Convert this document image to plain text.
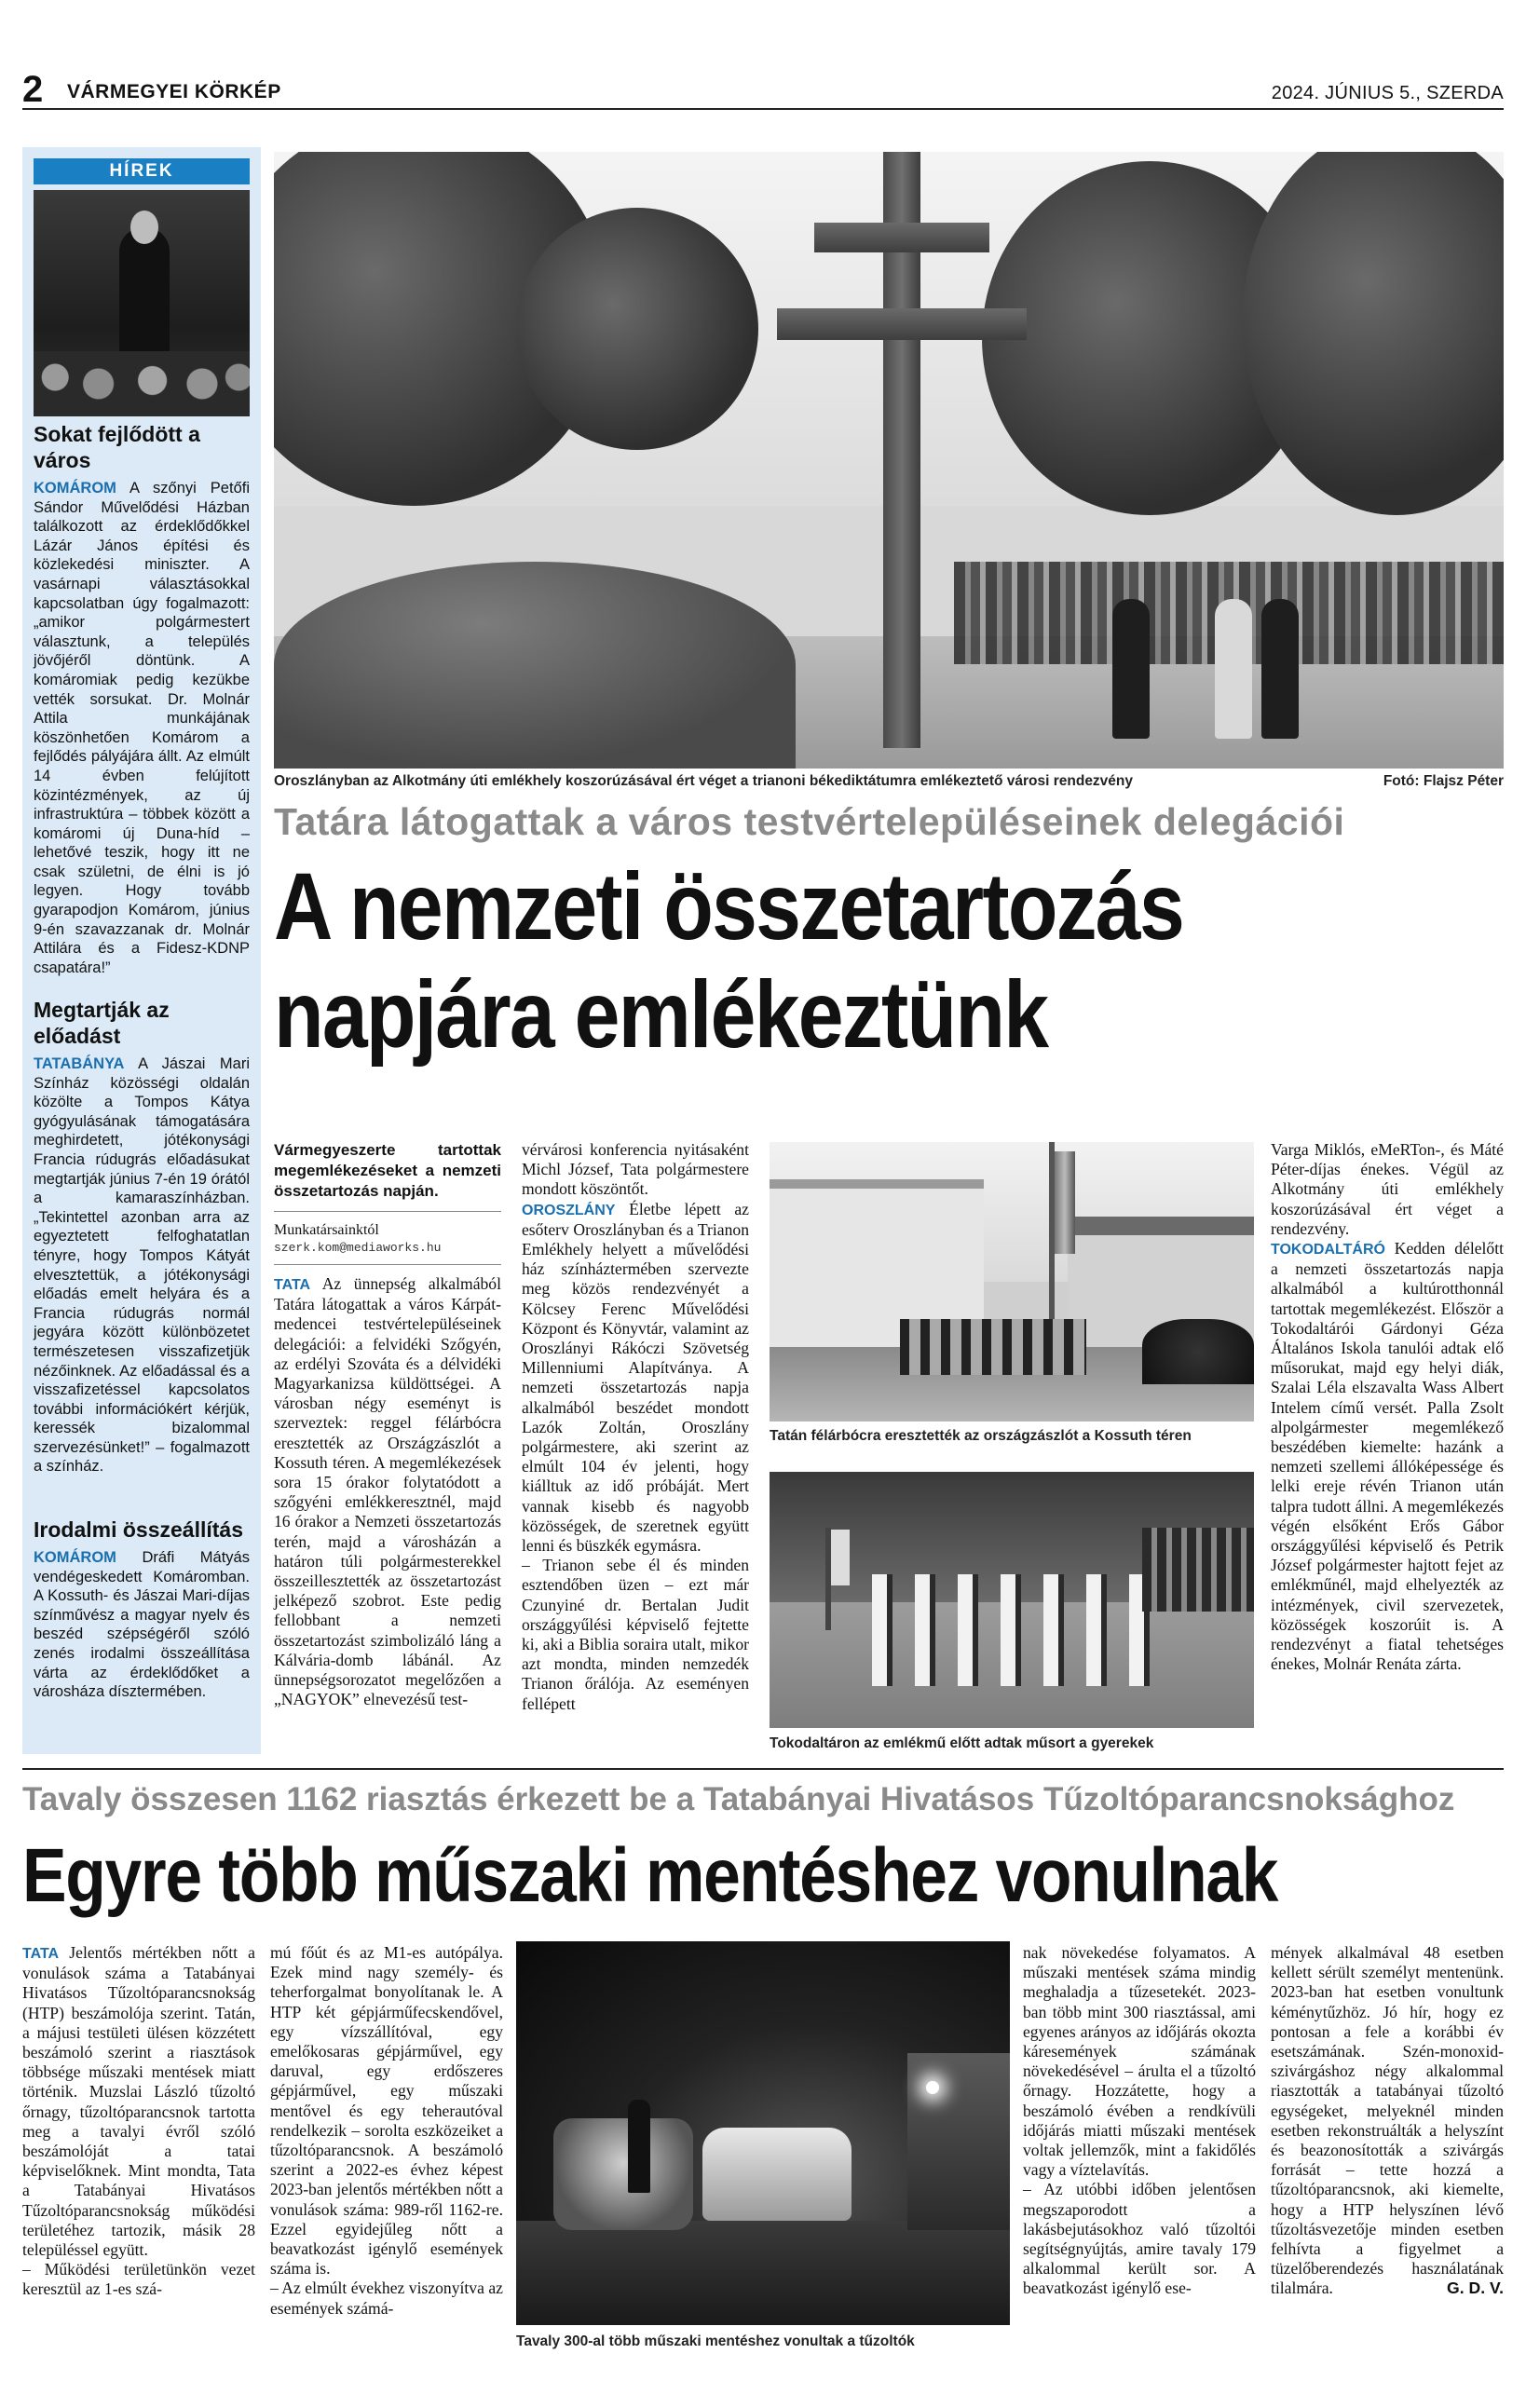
2 VÁRMEGYEI KÖRKÉP	2024. JÚNIUS 5., SZERDA
HÍREK
Sokat fejlődött a város
KOMÁROM A szőnyi Petőfi Sándor Művelődési Házban találkozott az érdeklődőkkel Lázár János építési és közlekedési miniszter. A vasárnapi választásokkal kapcsolatban úgy fogalmazott: „amikor polgármestert választunk, a település jövőjéről döntünk. A komáromiak pedig kezükbe vették sorsukat. Dr. Molnár Attila munkájának köszönhetően Komárom a fejlődés pályájára állt. Az elmúlt 14 évben felújított közintézmények, az új infrastruktúra – többek között a komáromi új Duna-híd – lehetővé teszik, hogy itt ne csak születni, de élni is jó legyen. Hogy tovább gyarapodjon Komárom, június 9-én szavazzanak dr. Molnár Attilára és a Fidesz-KDNP csapatára!”
Megtartják az előadást
TATABÁNYA A Jászai Mari Színház közösségi oldalán közölte a Tompos Kátya gyógyulásának támogatására meghirdetett, jótékonysági Francia rúdugrás előadásukat megtartják június 7-én 19 órától a kamaraszínházban. „Tekintettel azonban arra az egyeztetett felfoghatatlan tényre, hogy Tompos Kátyát elvesztettük, a jótékonysági előadás emelt helyára és a Francia rúdugrás normál jegyára között különbözetet természetesen visszafizetjük nézőinknek. Az előadással és a visszafizetéssel kapcsolatos további információkért kérjük, keressék bizalommal szervezésünket!” – fogalmazott a színház.
Irodalmi összeállítás
KOMÁROM Dráfi Mátyás vendégeskedett Komáromban. A Kossuth- és Jászai Mari-díjas színművész a magyar nyelv és beszéd szépségéről szóló zenés irodalmi összeállítása várta az érdeklődőket a városháza dísztermében.
Oroszlányban az Alkotmány úti emlékhely koszorúzásával ért véget a trianoni békediktátumra emlékeztető városi rendezvény	Fotó: Flajsz Péter
Tatára látogattak a város testvértelepüléseinek delegációi
A nemzeti összetartozás
napjára emlékeztünk
Vármegyeszerte tartottak megemlékezéseket a nemzeti összetartozás napján.
Munkatársainktól
szerk.kom@mediaworks.hu

TATA Az ünnepség alkalmából Tatára látogattak a város Kárpát-medencei testvértelepüléseinek delegációi: a felvidéki Szőgyén, az erdélyi Szováta és a délvidéki Magyarkanizsa küldöttségei. A városban négy eseményt is szerveztek: reggel félárbócra eresztették az Országzászlót a Kossuth téren. A megemlékezések sora 15 órakor folytatódott a szőgyéni emlékkeresztnél, majd 16 órakor a Nemzeti összetartozás terén, majd a városházán a határon túli polgármesterekkel összeillesztették az összetartozást jelképező szobrot. Este pedig fellobbant a nemzeti összetartozást szimbolizáló láng a Kálvária-domb lábánál. Az ünnepségsorozatot megelőzően a „NAGYOK” elnevezésű test-

vérvárosi konferencia nyitásaként Michl József, Tata polgármestere mondott köszöntőt.

OROSZLÁNY Életbe lépett az esőterv Oroszlányban és a Trianon Emlékhely helyett a művelődési ház színháztermében szervezte meg közös rendezvényét a Kölcsey Ferenc Művelődési Központ és Könyvtár, valamint az Oroszlányi Rákóczi Szövetség Millenniumi Alapítványa. A nemzeti összetartozás napja alkalmából beszédet mondott Lazók Zoltán, Oroszlány polgármestere, aki szerint az elmúlt 104 év jelenti, hogy kiálltuk az idő próbáját. Mert vannak kisebb és nagyobb közösségek, de szeretnek együtt lenni és büszkék egymásra.

– Trianon sebe él és minden esztendőben üzen – ezt már Czunyiné dr. Bertalan Judit országgyűlési képviselő fejtette ki, aki a Biblia soraira utalt, mikor azt mondta, minden nemzedék Trianon őrálója. Az eseményen fellépett

Tatán félárbócra eresztették az országzászlót a Kossuth téren
Tokodaltáron az emlékmű előtt adtak műsort a gyerekek

Varga Miklós, eMeRTon-, és Máté Péter-díjas énekes. Végül az Alkotmány úti emlékhely koszorúzásával ért véget a rendezvény.

TOKODALTÁRÓ Kedden délelőtt a nemzeti összetartozás napja alkalmából a kultúrotthonnál tartottak megemlékezést. Először a Tokodaltárói Gárdonyi Géza Általános Iskola tanulói adtak elő műsorukat, majd egy helyi diák, Szalai Léla elszavalta Wass Albert Intelem című versét. Palla Zsolt alpolgármester megemlékező beszédében kiemelte: hazánk a nemzeti szellemi állóképessége és lelki ereje révén Trianon után talpra tudott állni. A megemlékezés végén elsőként Erős Gábor országgyűlési képviselő és Petrik József polgármester hajtott fejet az emlékműnél, majd elhelyezték az intézmények, civil szervezetek, közösségek koszorúit is. A rendezvényt a fiatal tehetséges énekes, Molnár Renáta zárta.

Tavaly összesen 1162 riasztás érkezett be a Tatabányai Hivatásos Tűzoltóparancsnoksághoz
Egyre több műszaki mentéshez vonulnak

TATA Jelentős mértékben nőtt a vonulások száma a Tatabányai Hivatásos Tűzoltóparancsnokság (HTP) beszámolója szerint. Tatán, a májusi testületi ülésen közzétett beszámoló szerint a riasztások többsége műszaki mentések miatt történik. Muzslai László tűzoltó őrnagy, tűzoltóparancsnok tartotta meg a tavalyi évről szóló beszámolóját a tatai képviselőknek. Mint mondta, Tata a Tatabányai Hivatásos Tűzoltóparancsnokság működési területéhez tartozik, másik 28 településsel együtt.

– Működési területünkön vezet keresztül az 1-es szá-

mú főút és az M1-es autópálya. Ezek mind nagy személy- és teherforgalmat bonyolítanak le. A HTP két gépjárműfecskendővel, egy vízszállítóval, egy emelőkosaras gépjárművel, egy daruval, egy erdőszeres gépjárművel, egy műszaki mentővel és egy teherautóval rendelkezik – sorolta eszközeiket a tűzoltóparancsnok. A beszámoló szerint a 2022-es évhez képest 2023-ban jelentős mértékben nőtt a vonulások száma: 989-ről 1162-re. Ezzel egyidejűleg nőtt a beavatkozást igénylő események száma is.

– Az elmúlt évekhez viszonyítva az események számá-

Tavaly 300-al több műszaki mentéshez vonultak a tűzoltók

nak növekedése folyamatos. A műszaki mentések száma mindig meghaladja a tűzesetekét. 2023-ban több mint 300 riasztással, ami egyenes arányos az időjárás okozta káresemények számának növekedésével – árulta el a tűzoltó őrnagy. Hozzátette, hogy a beszámoló évében a rendkívüli időjárás miatti műszaki mentések voltak jellemzők, mint a fakidőlés vagy a víztelavítás.

– Az utóbbi időben jelentősen megszaporodott a lakásbejutásokhoz való tűzoltói segítségnyújtás, amire tavaly 179 alkalommal került sor. A beavatkozást igénylő ese-

mények alkalmával 48 esetben kellett sérült személyt mentenünk. 2023-ban hat esetben vonultunk kéménytűzhöz. Jó hír, hogy ez pontosan a fele a korábbi év esetszámának. Szén-monoxid-szivárgáshoz négy alkalommal riasztották a tatabányai tűzoltó egységeket, melyeknél minden esetben rekonstruálták a helyszínt és beazonosították a szivárgás forrását – tette hozzá a tűzoltóparancsnok, aki kiemelte, hogy a HTP helyszínen lévő tűzoltásvezetője minden esetben felhívta a figyelmet a tüzelőberendezés használatának tilalmára.	G. D. V.
